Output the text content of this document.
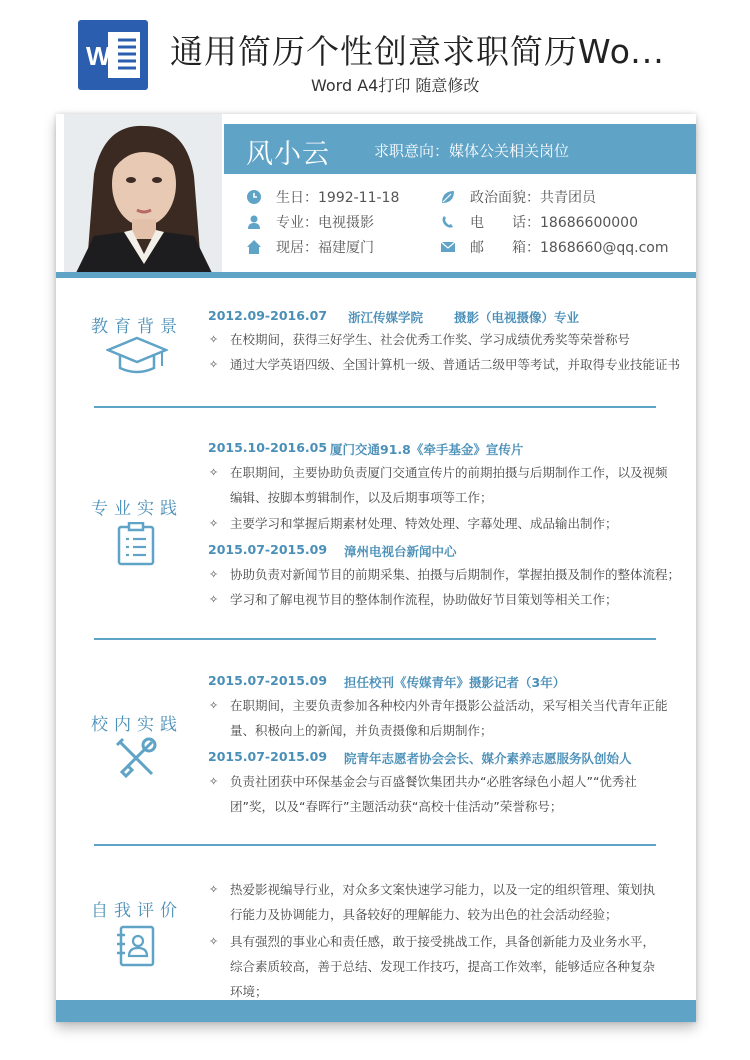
W 通用简历个性创意求职简历Wo...
Word A4打印 随意修改
风小云	求职意向：媒体公关相关岗位
生日：1992-11-18	政治面貌：共青团员
专业：电视摄影	电　　话：18686600000
现居：福建厦门	邮　　箱：1868660@qq.com
教育背景
2012.09-2016.07 浙江传媒学院 摄影（电视摄像）专业
✧ 在校期间，获得三好学生、社会优秀工作奖、学习成绩优秀奖等荣誉称号
✧ 通过大学英语四级、全国计算机一级、普通话二级甲等考试，并取得专业技能证书
专业实践
2015.10-2016.05 厦门交通91.8《牵手基金》宣传片
✧ 在职期间，主要协助负责厦门交通宣传片的前期拍摄与后期制作工作，以及视频编辑、按脚本剪辑制作，以及后期事项等工作；
✧ 主要学习和掌握后期素材处理、特效处理、字幕处理、成品输出制作；
2015.07-2015.09 漳州电视台新闻中心
✧ 协助负责对新闻节目的前期采集、拍摄与后期制作，掌握拍摄及制作的整体流程；
✧ 学习和了解电视节目的整体制作流程，协助做好节目策划等相关工作；
校内实践
2015.07-2015.09 担任校刊《传媒青年》摄影记者（3年）
✧ 在职期间，主要负责参加各种校内外青年摄影公益活动，采写相关当代青年正能量、积极向上的新闻，并负责摄像和后期制作；
2015.07-2015.09 院青年志愿者协会会长、媒介素养志愿服务队创始人
✧ 负责社团获中环保基金会与百盛餐饮集团共办“必胜客绿色小超人”“优秀社团”奖，以及“春晖行”主题活动获“高校十佳活动”荣誉称号；
自我评价
✧ 热爱影视编导行业，对众多文案快速学习能力，以及一定的组织管理、策划执行能力及协调能力，具备较好的理解能力、较为出色的社会活动经验；
✧ 具有强烈的事业心和责任感，敢于接受挑战工作，具备创新能力及业务水平，综合素质较高，善于总结、发现工作技巧，提高工作效率，能够适应各种复杂环境；
